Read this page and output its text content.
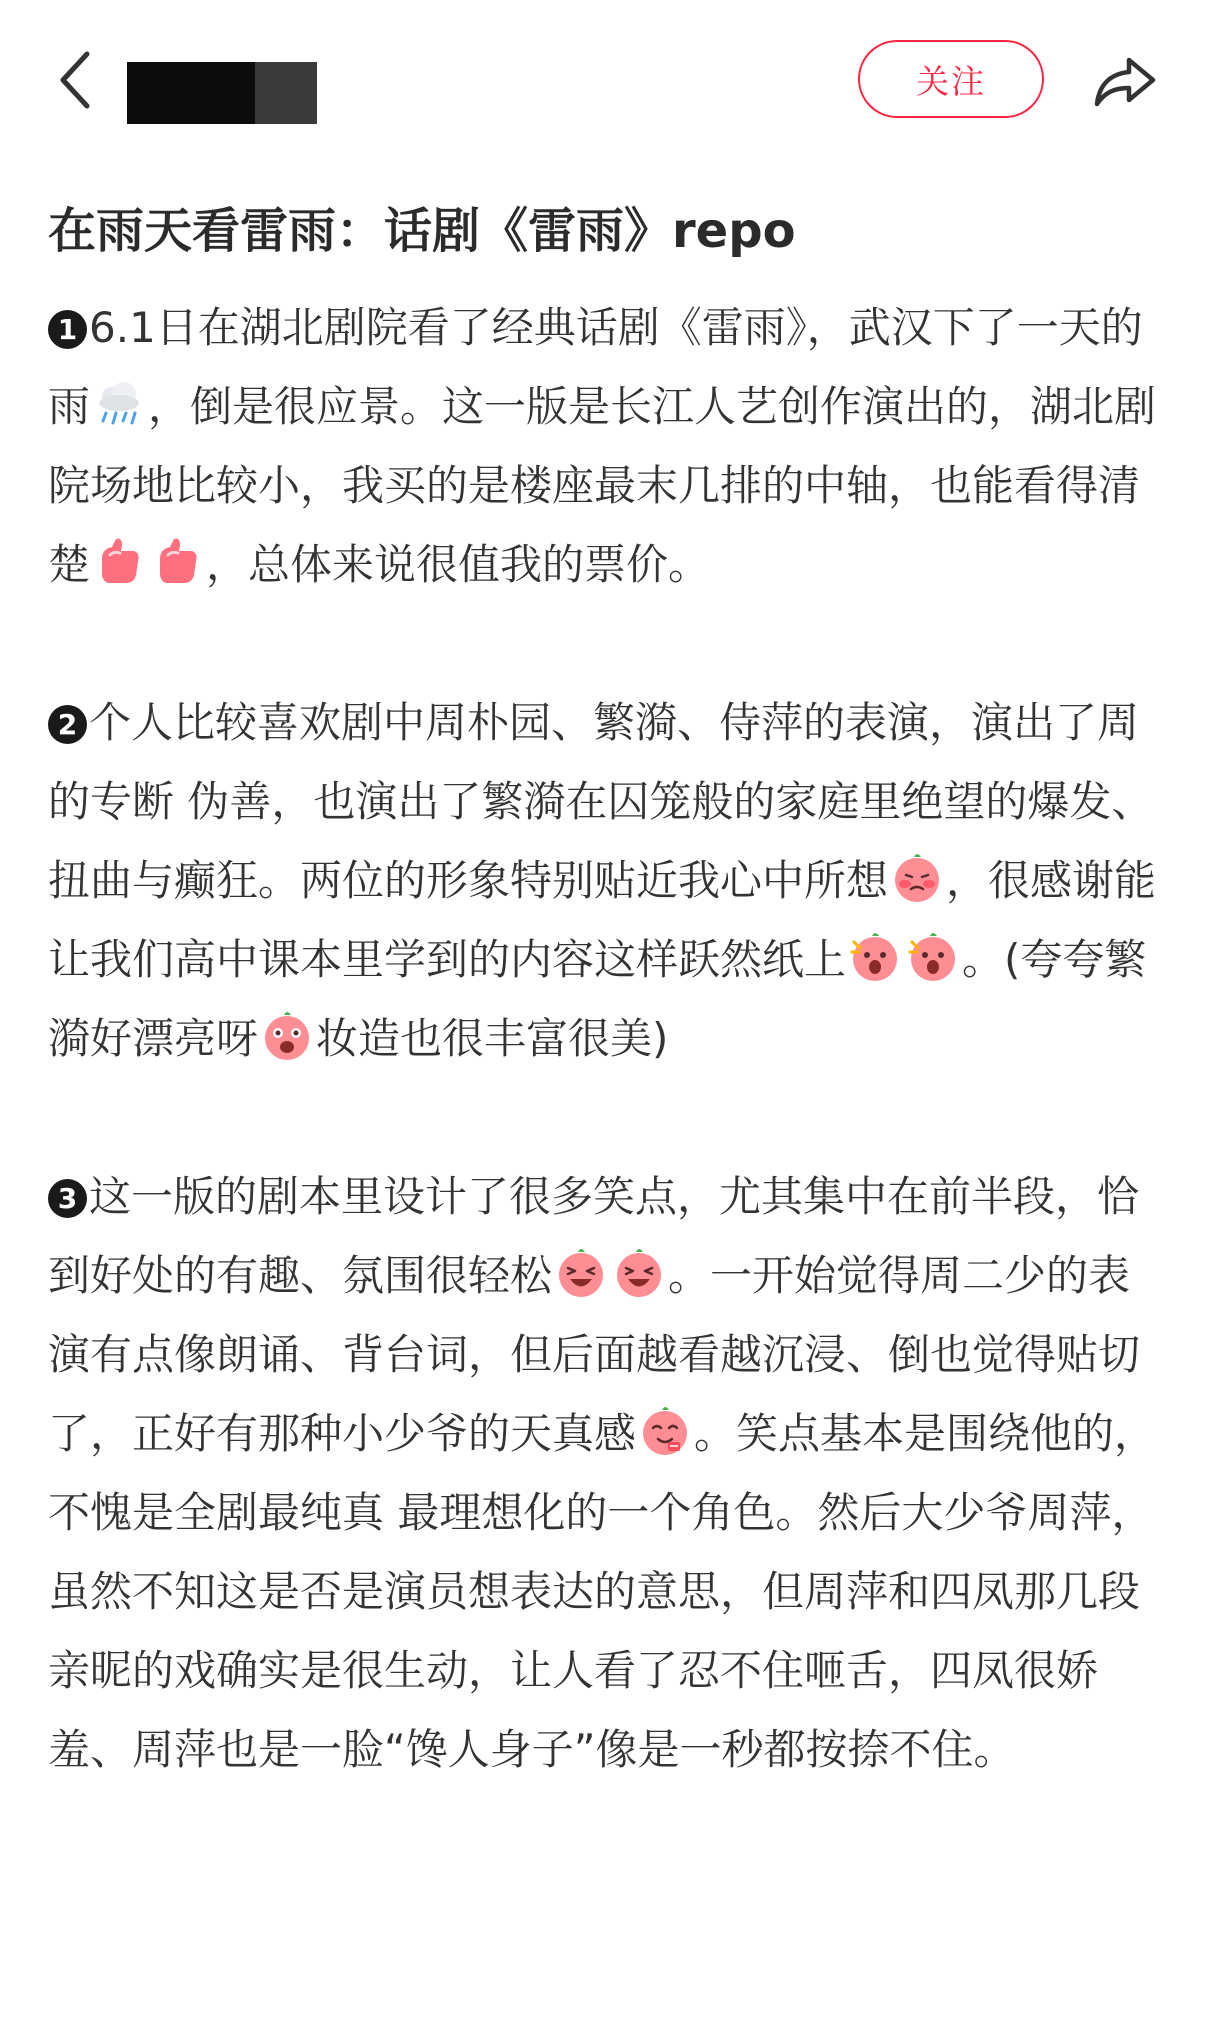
关注
在雨天看雷雨：话剧《雷雨》repo

1 6.1日在湖北剧院看了经典话剧《雷雨》，武汉下了一天的雨 ，倒是很应景。这一版是长江人艺创作演出的，湖北剧院场地比较小，我买的是楼座最末几排的中轴，也能看得清楚	，总体来说很值我的票价。

2 个人比较喜欢剧中周朴园、繁漪、侍萍的表演，演出了周的专断 伪善，也演出了繁漪在囚笼般的家庭里绝望的爆发、扭曲与癫狂。两位的形象特别贴近我心中所想 ，很感谢能让我们高中课本里学到的内容这样跃然纸上	。(夸夸繁漪好漂亮呀 妆造也很丰富很美)

3 这一版的剧本里设计了很多笑点，尤其集中在前半段，恰到好处的有趣、氛围很轻松	。一开始觉得周二少的表演有点像朗诵、背台词，但后面越看越沉浸、倒也觉得贴切了，正好有那种小少爷的天真感 。笑点基本是围绕他的，不愧是全剧最纯真 最理想化的一个角色。然后大少爷周萍，虽然不知这是否是演员想表达的意思，但周萍和四凤那几段亲昵的戏确实是很生动，让人看了忍不住咂舌，四凤很娇羞、周萍也是一脸“馋人身子”像是一秒都按捺不住。
